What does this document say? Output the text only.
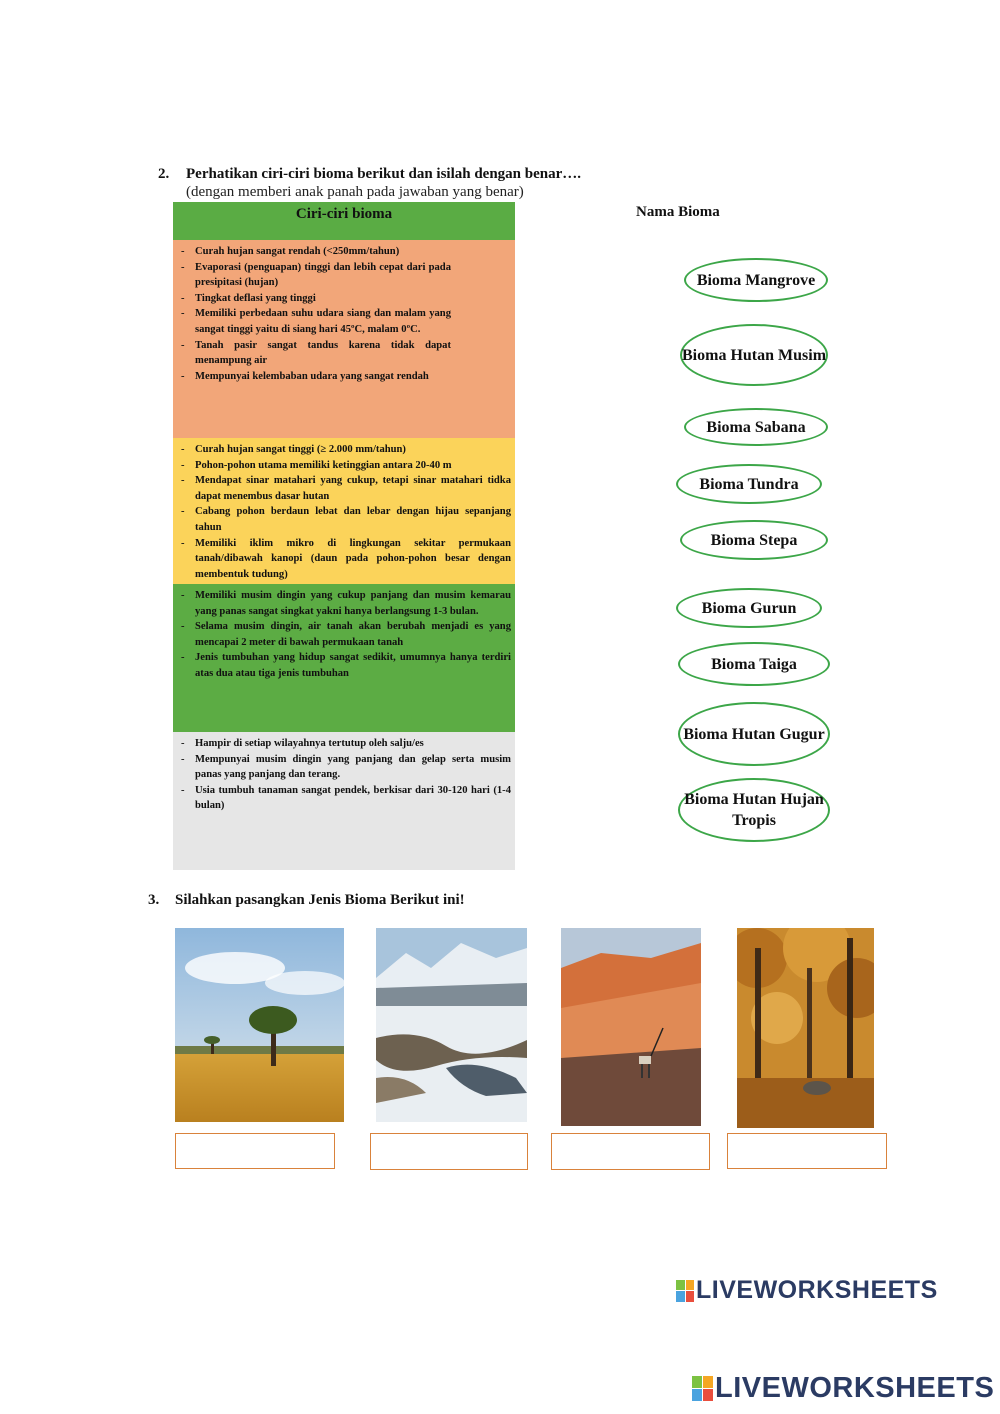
2. Perhatikan ciri-ciri bioma berikut dan isilah dengan benar….
(dengan memberi anak panah pada jawaban yang benar)
Ciri-ciri bioma
- Curah hujan sangat rendah (<250mm/tahun)
- Evaporasi (penguapan) tinggi dan lebih cepat dari pada presipitasi (hujan)
- Tingkat deflasi yang tinggi
- Memiliki perbedaan suhu udara siang dan malam yang sangat tinggi yaitu di siang hari 45ºC, malam 0ºC.
- Tanah pasir sangat tandus karena tidak dapat menampung air
- Mempunyai kelembaban udara yang sangat rendah
- Curah hujan sangat tinggi (≥ 2.000 mm/tahun)
- Pohon-pohon utama memiliki ketinggian antara 20-40 m
- Mendapat sinar matahari yang cukup, tetapi sinar matahari tidka dapat menembus dasar hutan
- Cabang pohon berdaun lebat dan lebar dengan hijau sepanjang tahun
- Memiliki iklim mikro di lingkungan sekitar permukaan tanah/dibawah kanopi (daun pada pohon-pohon besar dengan membentuk tudung)
- Memiliki musim dingin yang cukup panjang dan musim kemarau yang panas sangat singkat yakni hanya berlangsung 1-3 bulan.
- Selama musim dingin, air tanah akan berubah menjadi es yang mencapai 2 meter di bawah permukaan tanah
- Jenis tumbuhan yang hidup sangat sedikit, umumnya hanya terdiri atas dua atau tiga jenis tumbuhan
- Hampir di setiap wilayahnya tertutup oleh salju/es
- Mempunyai musim dingin yang panjang dan gelap serta musim panas yang panjang dan terang.
- Usia tumbuh tanaman sangat pendek, berkisar dari 30-120 hari (1-4 bulan)
Nama Bioma
Bioma Mangrove
Bioma Hutan Musim
Bioma Sabana
Bioma Tundra
Bioma Stepa
Bioma Gurun
Bioma Taiga
Bioma Hutan Gugur
Bioma Hutan Hujan Tropis
3. Silahkan pasangkan Jenis Bioma Berikut ini!
LIVEWORKSHEETS
LIVEWORKSHEETS
